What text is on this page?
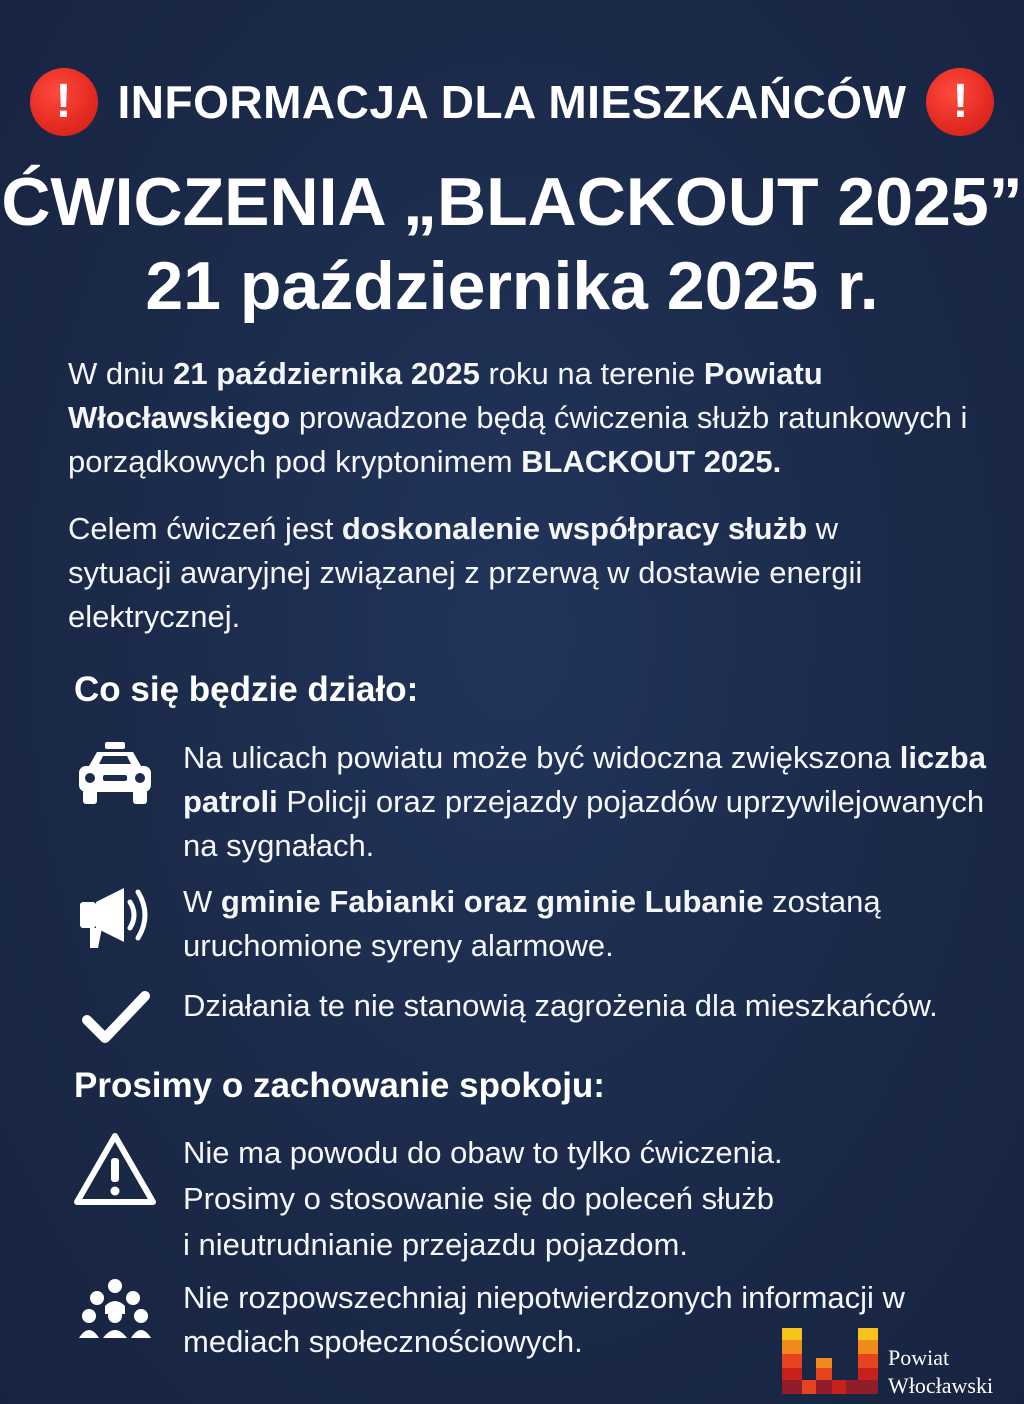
! INFORMACJA DLA MIESZKAŃCÓW !
ĆWICZENIA „BLACKOUT 2025”
21 października 2025 r.
W dniu 21 października 2025 roku na terenie Powiatu Włocławskiego prowadzone będą ćwiczenia służb ratunkowych i porządkowych pod kryptonimem BLACKOUT 2025.
Celem ćwiczeń jest doskonalenie współpracy służb w sytuacji awaryjnej związanej z przerwą w dostawie energii elektrycznej.
Co się będzie działo:
Na ulicach powiatu może być widoczna zwiększona liczba patroli Policji oraz przejazdy pojazdów uprzywilejowanych na sygnałach.
W gminie Fabianki oraz gminie Lubanie zostaną uruchomione syreny alarmowe.
Działania te nie stanowią zagrożenia dla mieszkańców.
Prosimy o zachowanie spokoju:
Nie ma powodu do obaw to tylko ćwiczenia.
Prosimy o stosowanie się do poleceń służb
i nieutrudnianie przejazdu pojazdom.
Nie rozpowszechniaj niepotwierdzonych informacji w mediach społecznościowych.	Powiat
Włocławski
